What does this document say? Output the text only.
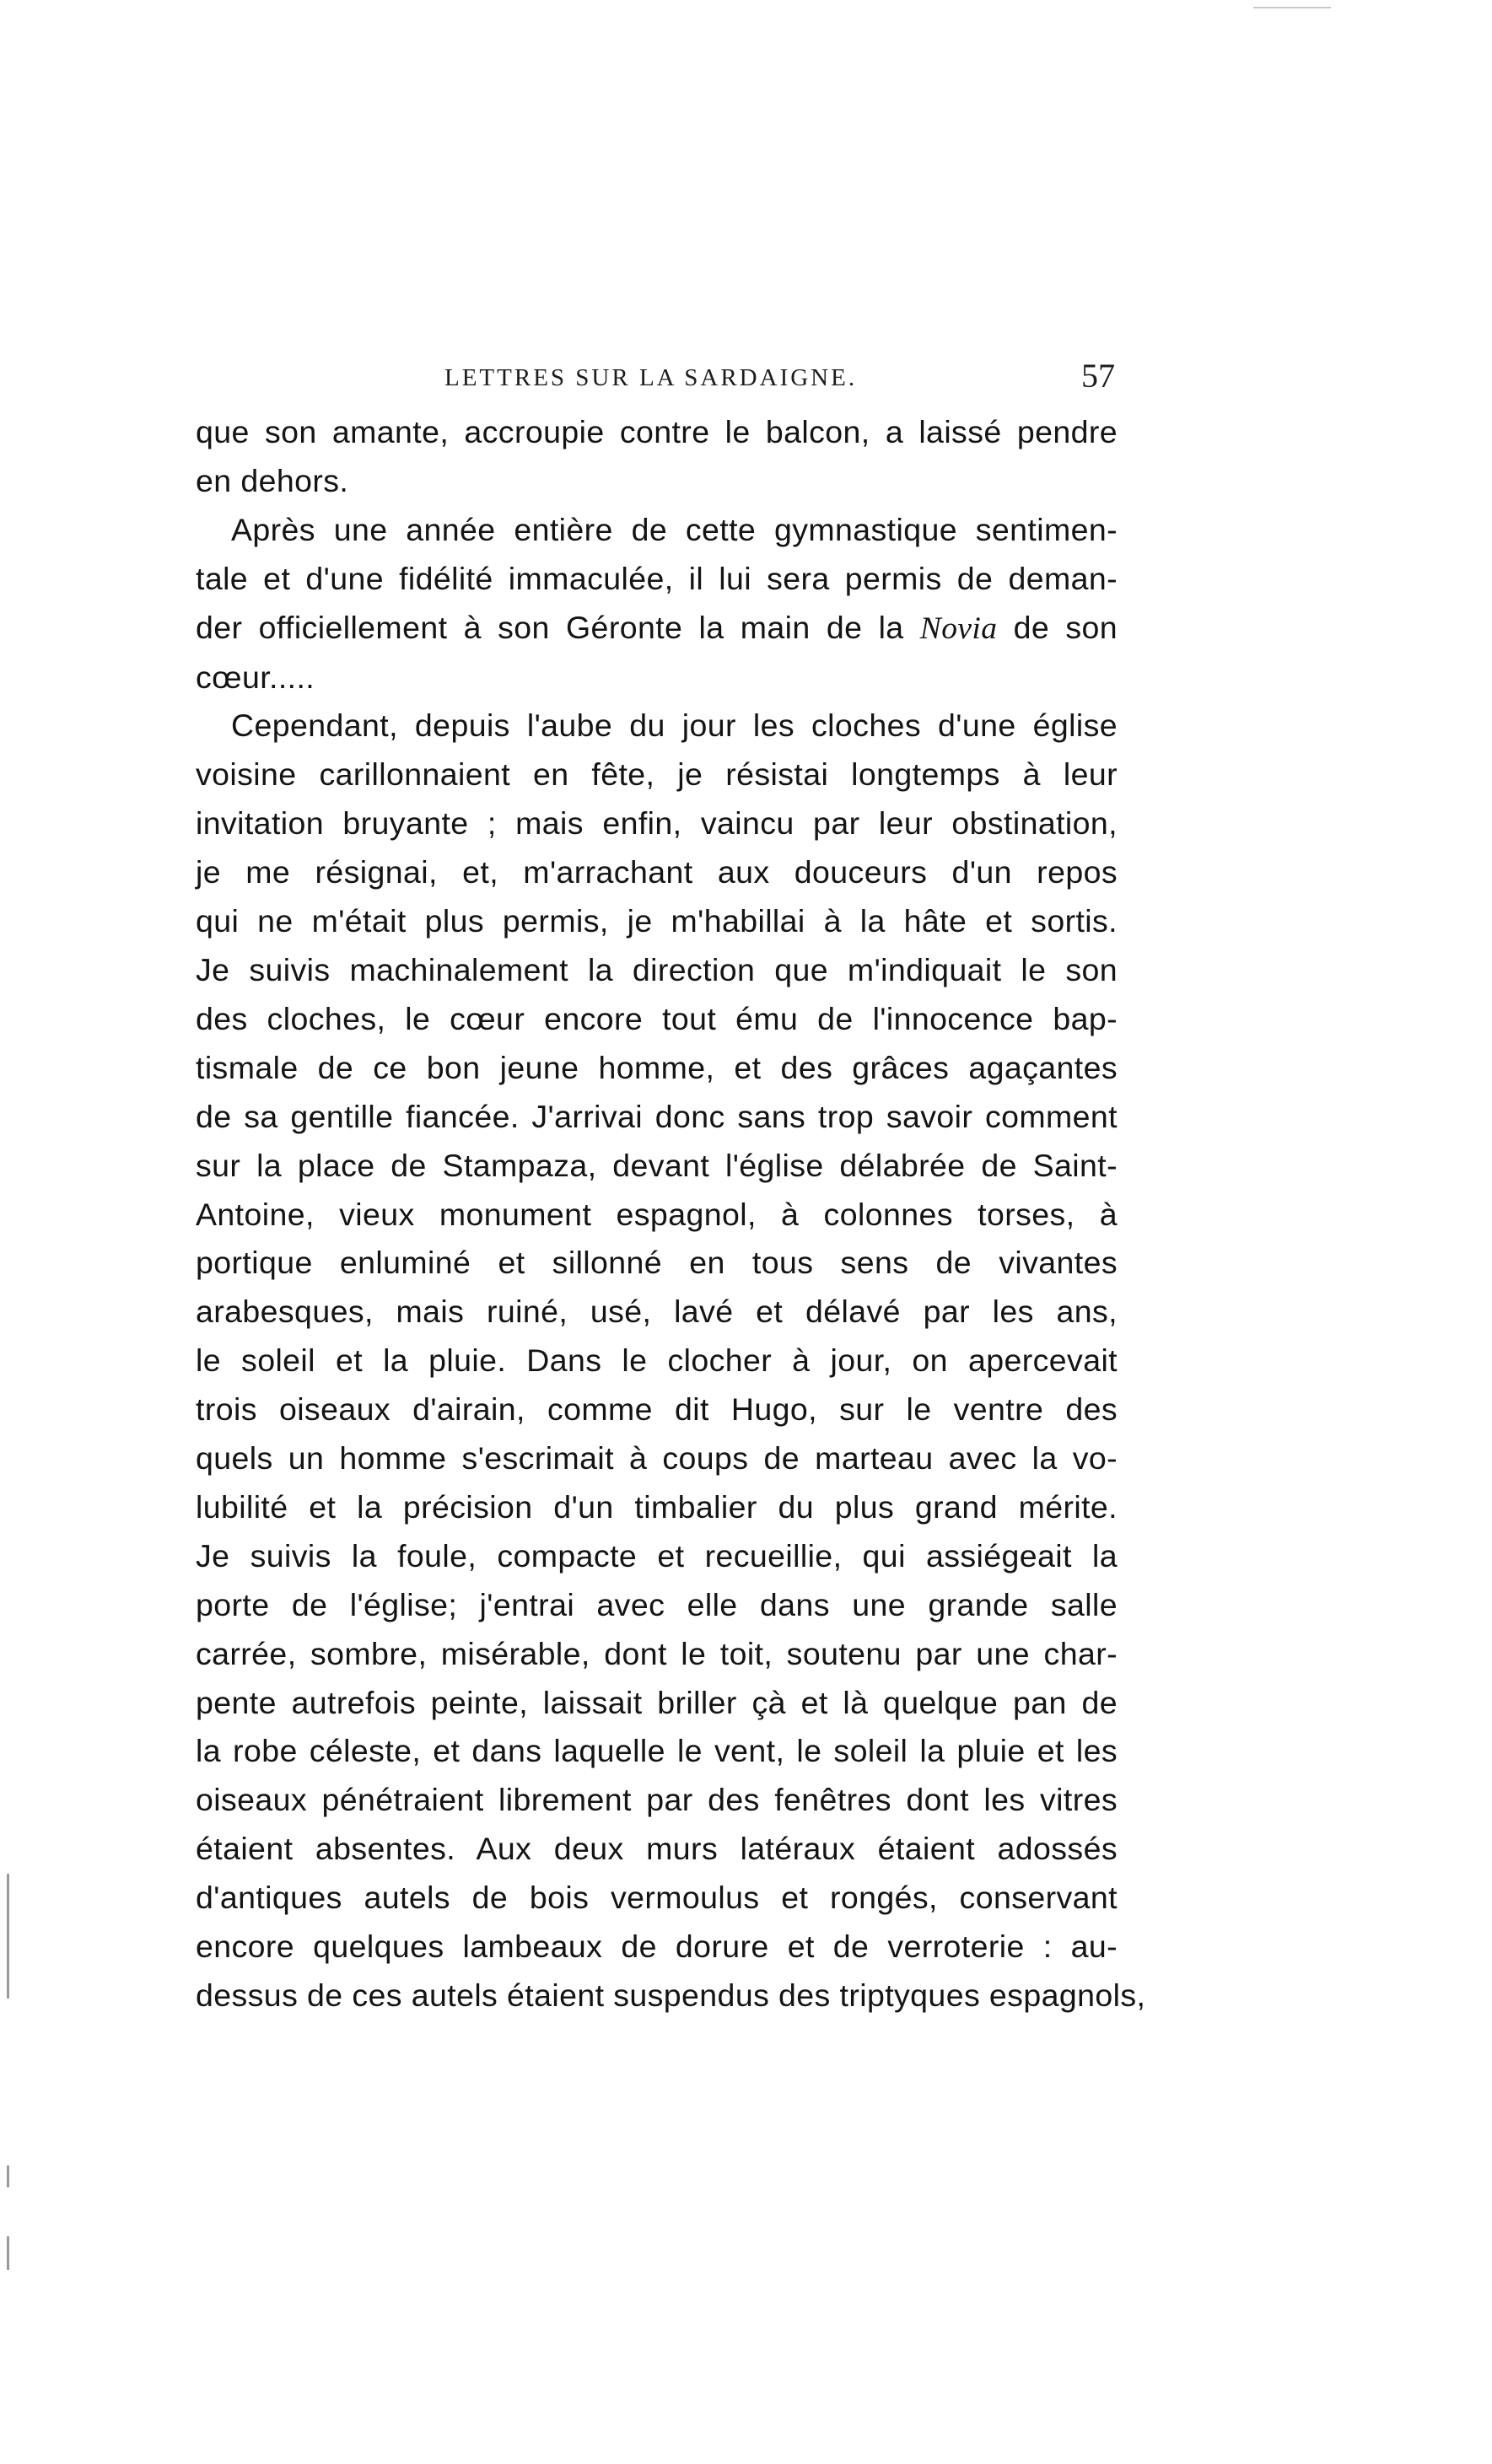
LETTRES SUR LA SARDAIGNE.	57
que son amante, accroupie contre le balcon, a laissé pendre
en dehors.
Après une année entière de cette gymnastique sentimen-
tale et d'une fidélité immaculée, il lui sera permis de deman-
der officiellement à son Géronte la main de la Novia de son
cœur.....
Cependant, depuis l'aube du jour les cloches d'une église
voisine carillonnaient en fête, je résistai longtemps à leur
invitation bruyante ; mais enfin, vaincu par leur obstination,
je me résignai, et, m'arrachant aux douceurs d'un repos
qui ne m'était plus permis, je m'habillai à la hâte et sortis.
Je suivis machinalement la direction que m'indiquait le son
des cloches, le cœur encore tout ému de l'innocence bap-
tismale de ce bon jeune homme, et des grâces agaçantes
de sa gentille fiancée. J'arrivai donc sans trop savoir comment
sur la place de Stampaza, devant l'église délabrée de Saint-
Antoine, vieux monument espagnol, à colonnes torses, à
portique enluminé et sillonné en tous sens de vivantes
arabesques, mais ruiné, usé, lavé et délavé par les ans,
le soleil et la pluie. Dans le clocher à jour, on apercevait
trois oiseaux d'airain, comme dit Hugo, sur le ventre des
quels un homme s'escrimait à coups de marteau avec la vo-
lubilité et la précision d'un timbalier du plus grand mérite.
Je suivis la foule, compacte et recueillie, qui assiégeait la
porte de l'église; j'entrai avec elle dans une grande salle
carrée, sombre, misérable, dont le toit, soutenu par une char-
pente autrefois peinte, laissait briller çà et là quelque pan de
la robe céleste, et dans laquelle le vent, le soleil la pluie et les
oiseaux pénétraient librement par des fenêtres dont les vitres
étaient absentes. Aux deux murs latéraux étaient adossés
d'antiques autels de bois vermoulus et rongés, conservant
encore quelques lambeaux de dorure et de verroterie : au-
dessus de ces autels étaient suspendus des triptyques espagnols,
